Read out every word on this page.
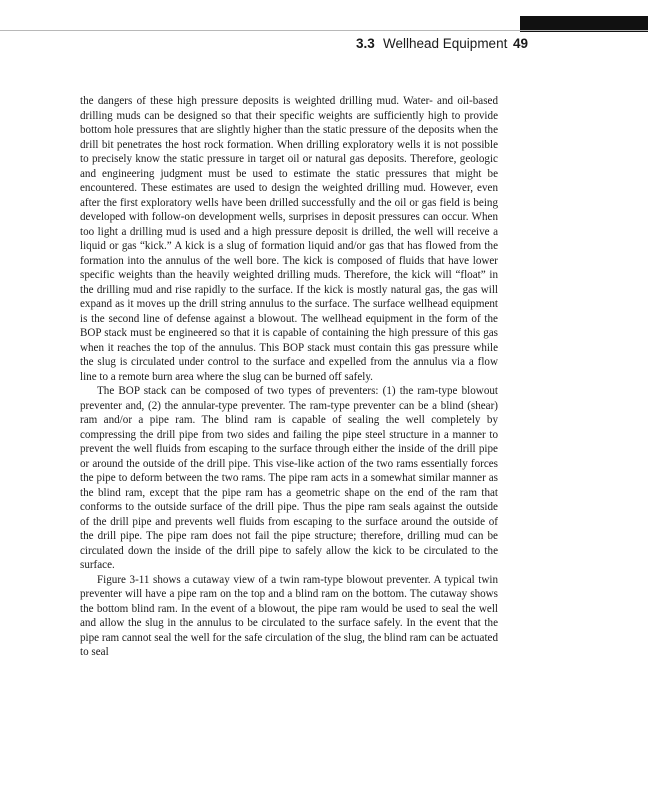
3.3 Wellhead Equipment 49

the dangers of these high pressure deposits is weighted drilling mud. Water- and oil-based drilling muds can be designed so that their specific weights are sufficiently high to provide bottom hole pressures that are slightly higher than the static pressure of the deposits when the drill bit penetrates the host rock formation. When drilling exploratory wells it is not possible to precisely know the static pressure in target oil or natural gas deposits. Therefore, geologic and engineering judgment must be used to estimate the static pressures that might be encountered. These estimates are used to design the weighted drilling mud. However, even after the first exploratory wells have been drilled successfully and the oil or gas field is being developed with follow-on development wells, surprises in deposit pressures can occur. When too light a drilling mud is used and a high pressure deposit is drilled, the well will receive a liquid or gas “kick.” A kick is a slug of formation liquid and/or gas that has flowed from the formation into the annulus of the well bore. The kick is composed of fluids that have lower specific weights than the heavily weighted drilling muds. Therefore, the kick will “float” in the drilling mud and rise rapidly to the surface. If the kick is mostly natural gas, the gas will expand as it moves up the drill string annulus to the surface. The surface wellhead equipment is the second line of defense against a blowout. The wellhead equipment in the form of the BOP stack must be engineered so that it is capable of containing the high pressure of this gas when it reaches the top of the annulus. This BOP stack must contain this gas pressure while the slug is circulated under control to the surface and expelled from the annulus via a flow line to a remote burn area where the slug can be burned off safely.

The BOP stack can be composed of two types of preventers: (1) the ram-type blowout preventer and, (2) the annular-type preventer. The ram-type preventer can be a blind (shear) ram and/or a pipe ram. The blind ram is capable of sealing the well completely by compressing the drill pipe from two sides and failing the pipe steel structure in a manner to prevent the well fluids from escaping to the surface through either the inside of the drill pipe or around the outside of the drill pipe. This vise-like action of the two rams essentially forces the pipe to deform between the two rams. The pipe ram acts in a somewhat similar manner as the blind ram, except that the pipe ram has a geometric shape on the end of the ram that conforms to the outside surface of the drill pipe. Thus the pipe ram seals against the outside of the drill pipe and prevents well fluids from escaping to the surface around the outside of the drill pipe. The pipe ram does not fail the pipe structure; therefore, drilling mud can be circulated down the inside of the drill pipe to safely allow the kick to be circulated to the surface.

Figure 3-11 shows a cutaway view of a twin ram-type blowout preventer. A typical twin preventer will have a pipe ram on the top and a blind ram on the bottom. The cutaway shows the bottom blind ram. In the event of a blowout, the pipe ram would be used to seal the well and allow the slug in the annulus to be circulated to the surface safely. In the event that the pipe ram cannot seal the well for the safe circulation of the slug, the blind ram can be actuated to seal
